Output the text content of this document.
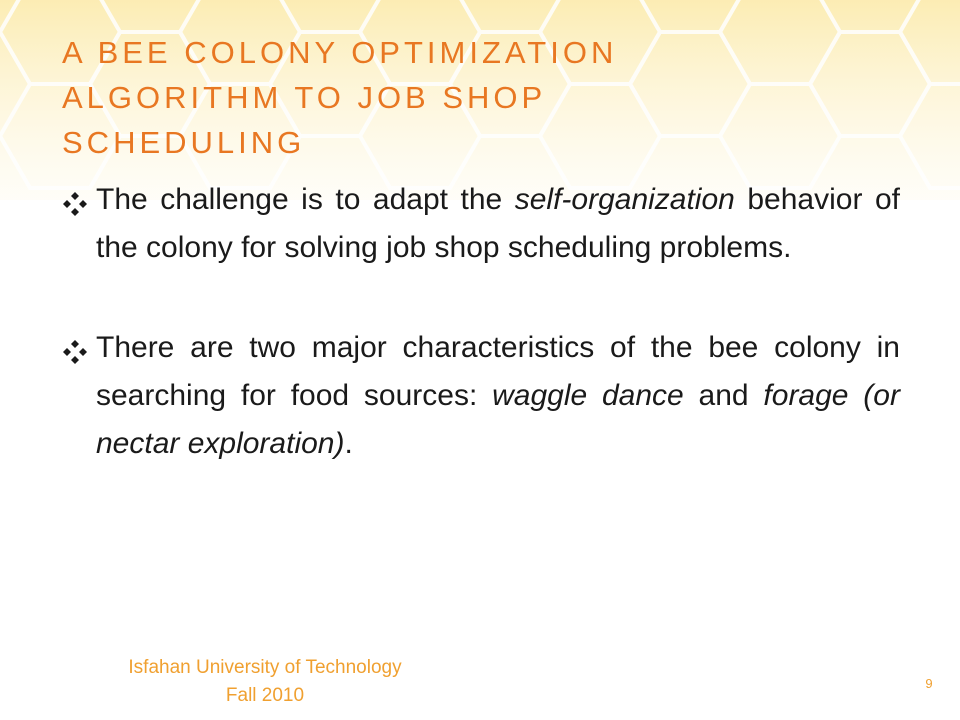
A BEE COLONY OPTIMIZATION
ALGORITHM TO JOB SHOP
SCHEDULING
The challenge is to adapt the self-organization behavior of the colony for solving job shop scheduling problems.
There are two major characteristics of the bee colony in searching for food sources: waggle dance and forage (or nectar exploration).
Isfahan University of Technology
Fall 2010
9
